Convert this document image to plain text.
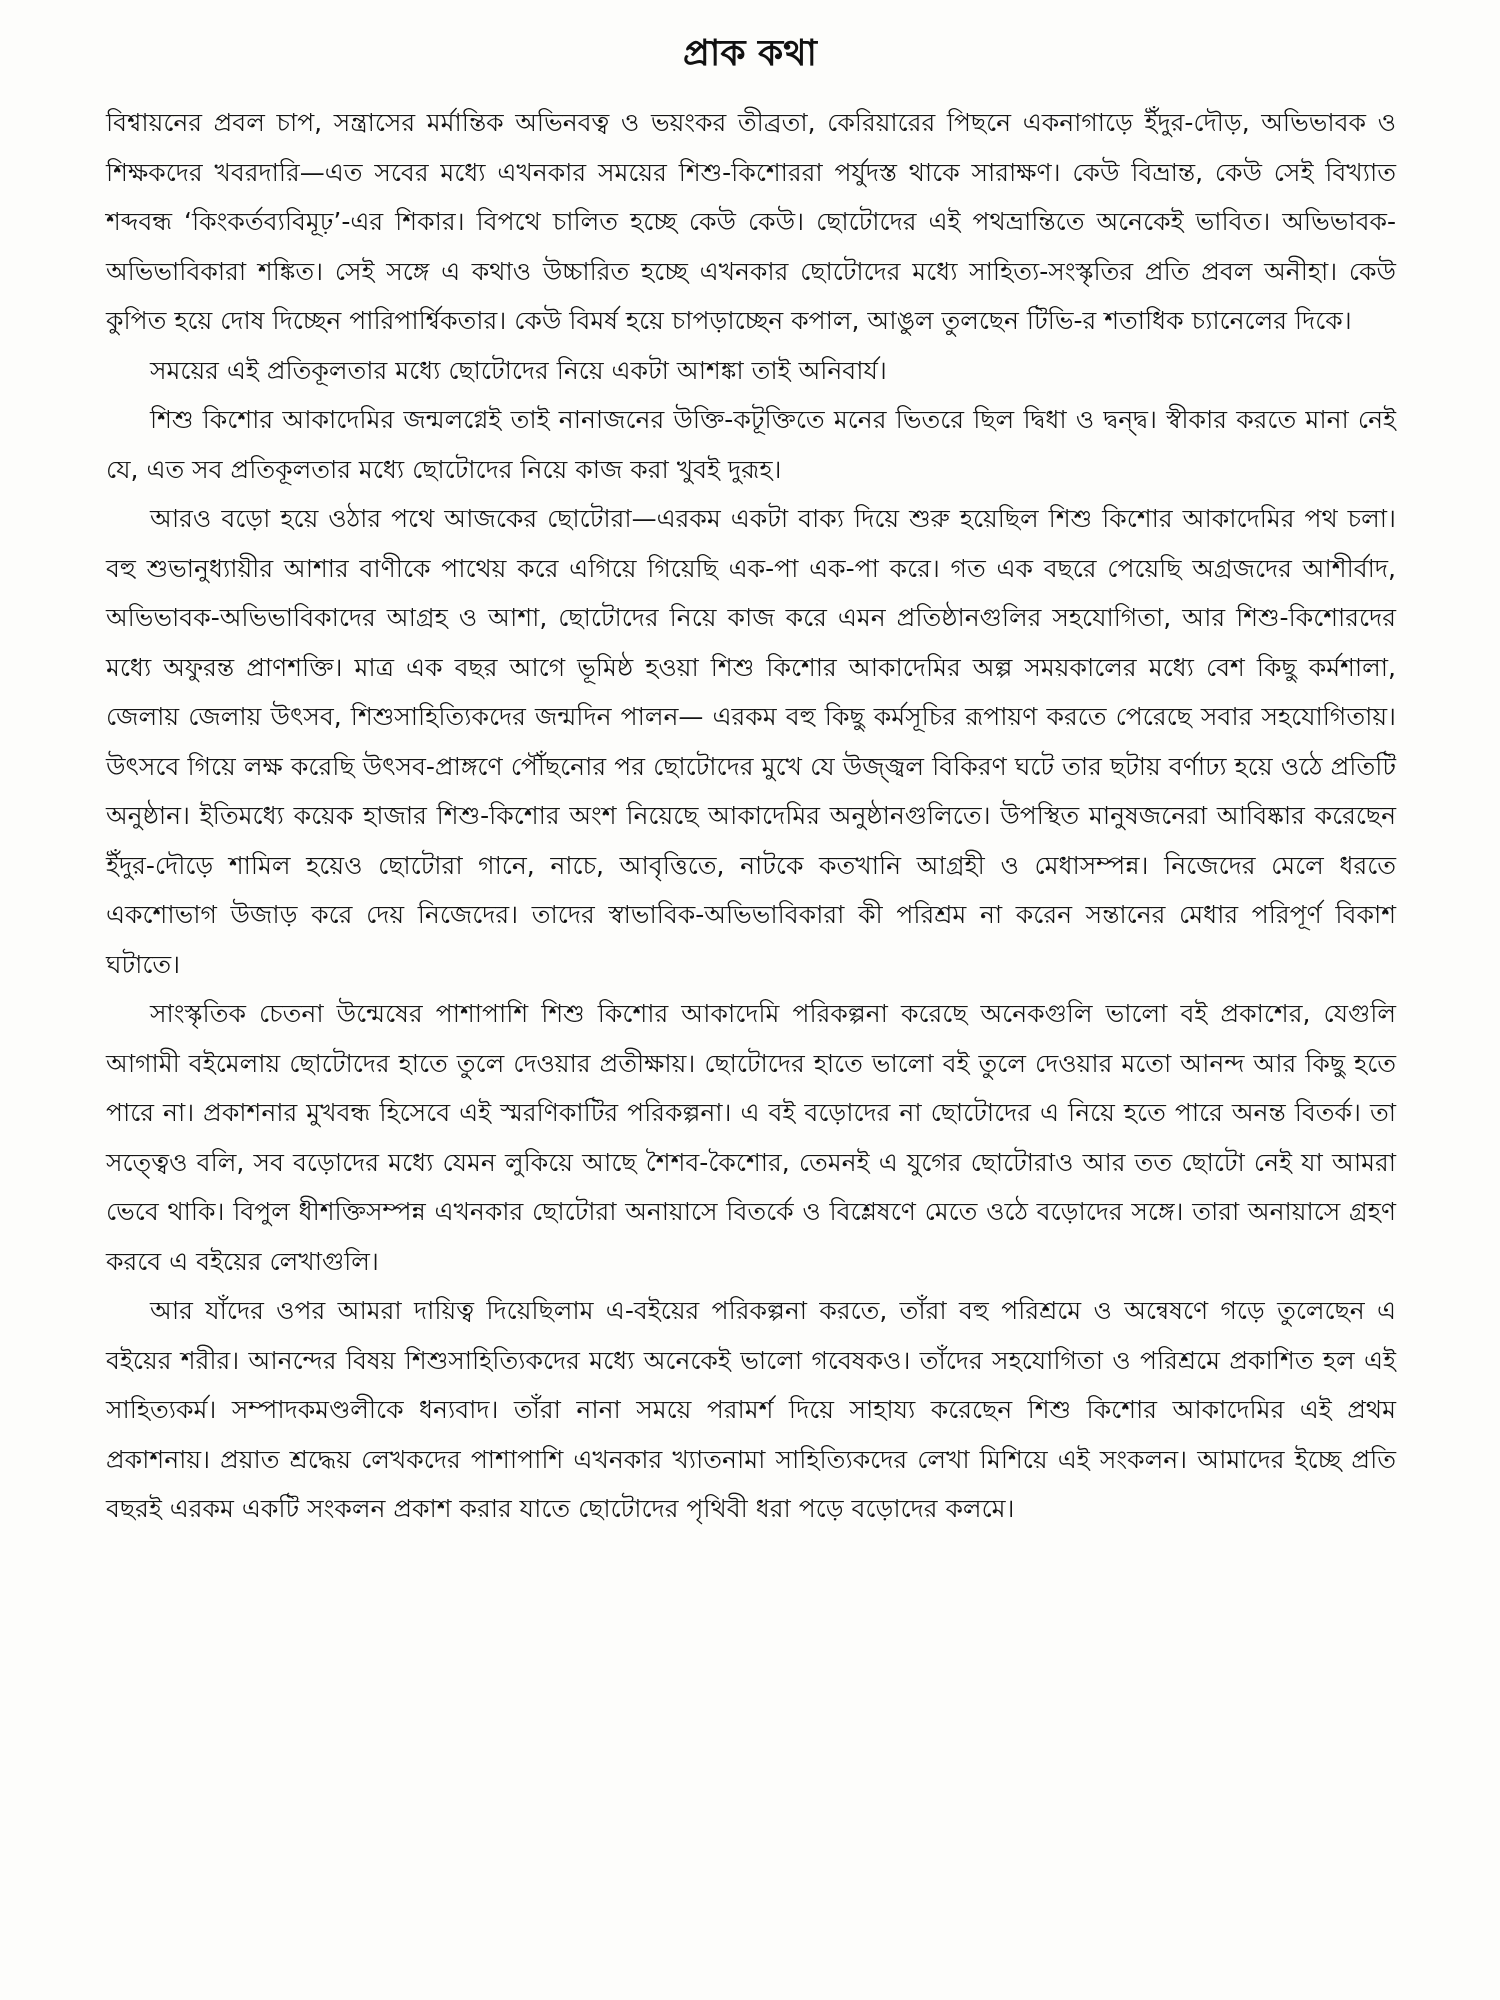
প্রাক কথা

বিশ্বায়নের প্রবল চাপ, সন্ত্রাসের মর্মান্তিক অভিনবত্ব ও ভয়ংকর তীব্রতা, কেরিয়ারের পিছনে একনাগাড়ে ইঁদুর-দৌড়, অভিভাবক ও শিক্ষকদের খবরদারি—এত সবের মধ্যে এখনকার সময়ের শিশু-কিশোররা পর্যুদস্ত থাকে সারাক্ষণ। কেউ বিভ্রান্ত, কেউ সেই বিখ্যাত শব্দবন্ধ ‘কিংকর্তব্যবিমূঢ়’-এর শিকার। বিপথে চালিত হচ্ছে কেউ কেউ। ছোটোদের এই পথভ্রান্তিতে অনেকেই ভাবিত। অভিভাবক-অভিভাবিকারা শঙ্কিত। সেই সঙ্গে এ কথাও উচ্চারিত হচ্ছে এখনকার ছোটোদের মধ্যে সাহিত্য-সংস্কৃতির প্রতি প্রবল অনীহা। কেউ কুপিত হয়ে দোষ দিচ্ছেন পারিপার্শ্বিকতার। কেউ বিমর্ষ হয়ে চাপড়াচ্ছেন কপাল, আঙুল তুলছেন টিভি-র শতাধিক চ্যানেলের দিকে।

সময়ের এই প্রতিকূলতার মধ্যে ছোটোদের নিয়ে একটা আশঙ্কা তাই অনিবার্য।

শিশু কিশোর আকাদেমির জন্মলগ্নেই তাই নানাজনের উক্তি-কটূক্তিতে মনের ভিতরে ছিল দ্বিধা ও দ্বন্দ্ব। স্বীকার করতে মানা নেই যে, এত সব প্রতিকূলতার মধ্যে ছোটোদের নিয়ে কাজ করা খুবই দুরূহ।

আরও বড়ো হয়ে ওঠার পথে আজকের ছোটোরা—এরকম একটা বাক্য দিয়ে শুরু হয়েছিল শিশু কিশোর আকাদেমির পথ চলা। বহু শুভানুধ্যায়ীর আশার বাণীকে পাথেয় করে এগিয়ে গিয়েছি এক-পা এক-পা করে। গত এক বছরে পেয়েছি অগ্রজদের আশীর্বাদ, অভিভাবক-অভিভাবিকাদের আগ্রহ ও আশা, ছোটোদের নিয়ে কাজ করে এমন প্রতিষ্ঠানগুলির সহযোগিতা, আর শিশু-কিশোরদের মধ্যে অফুরন্ত প্রাণশক্তি। মাত্র এক বছর আগে ভূমিষ্ঠ হওয়া শিশু কিশোর আকাদেমির অল্প সময়কালের মধ্যে বেশ কিছু কর্মশালা, জেলায় জেলায় উৎসব, শিশুসাহিত্যিকদের জন্মদিন পালন— এরকম বহু কিছু কর্মসূচির রূপায়ণ করতে পেরেছে সবার সহযোগিতায়। উৎসবে গিয়ে লক্ষ করেছি উৎসব-প্রাঙ্গণে পৌঁছনোর পর ছোটোদের মুখে যে উজ্জ্বল বিকিরণ ঘটে তার ছটায় বর্ণাঢ্য হয়ে ওঠে প্রতিটি অনুষ্ঠান। ইতিমধ্যে কয়েক হাজার শিশু-কিশোর অংশ নিয়েছে আকাদেমির অনুষ্ঠানগুলিতে। উপস্থিত মানুষজনেরা আবিষ্কার করেছেন ইঁদুর-দৌড়ে শামিল হয়েও ছোটোরা গানে, নাচে, আবৃত্তিতে, নাটকে কতখানি আগ্রহী ও মেধাসম্পন্ন। নিজেদের মেলে ধরতে একশোভাগ উজাড় করে দেয় নিজেদের। তাদের স্বাভাবিক-অভিভাবিকারা কী পরিশ্রম না করেন সন্তানের মেধার পরিপূর্ণ বিকাশ ঘটাতে।

সাংস্কৃতিক চেতনা উন্মেষের পাশাপাশি শিশু কিশোর আকাদেমি পরিকল্পনা করেছে অনেকগুলি ভালো বই প্রকাশের, যেগুলি আগামী বইমেলায় ছোটোদের হাতে তুলে দেওয়ার প্রতীক্ষায়। ছোটোদের হাতে ভালো বই তুলে দেওয়ার মতো আনন্দ আর কিছু হতে পারে না। প্রকাশনার মুখবন্ধ হিসেবে এই স্মরণিকাটির পরিকল্পনা। এ বই বড়োদের না ছোটোদের এ নিয়ে হতে পারে অনন্ত বিতর্ক। তা সত্ত্বেও বলি, সব বড়োদের মধ্যে যেমন লুকিয়ে আছে শৈশব-কৈশোর, তেমনই এ যুগের ছোটোরাও আর তত ছোটো নেই যা আমরা ভেবে থাকি। বিপুল ধীশক্তিসম্পন্ন এখনকার ছোটোরা অনায়াসে বিতর্কে ও বিশ্লেষণে মেতে ওঠে বড়োদের সঙ্গে। তারা অনায়াসে গ্রহণ করবে এ বইয়ের লেখাগুলি।

আর যাঁদের ওপর আমরা দায়িত্ব দিয়েছিলাম এ-বইয়ের পরিকল্পনা করতে, তাঁরা বহু পরিশ্রমে ও অন্বেষণে গড়ে তুলেছেন এ বইয়ের শরীর। আনন্দের বিষয় শিশুসাহিত্যিকদের মধ্যে অনেকেই ভালো গবেষকও। তাঁদের সহযোগিতা ও পরিশ্রমে প্রকাশিত হল এই সাহিত্যকর্ম। সম্পাদকমণ্ডলীকে ধন্যবাদ। তাঁরা নানা সময়ে পরামর্শ দিয়ে সাহায্য করেছেন শিশু কিশোর আকাদেমির এই প্রথম প্রকাশনায়। প্রয়াত শ্রদ্ধেয় লেখকদের পাশাপাশি এখনকার খ্যাতনামা সাহিত্যিকদের লেখা মিশিয়ে এই সংকলন। আমাদের ইচ্ছে প্রতি বছরই এরকম একটি সংকলন প্রকাশ করার যাতে ছোটোদের পৃথিবী ধরা পড়ে বড়োদের কলমে।
